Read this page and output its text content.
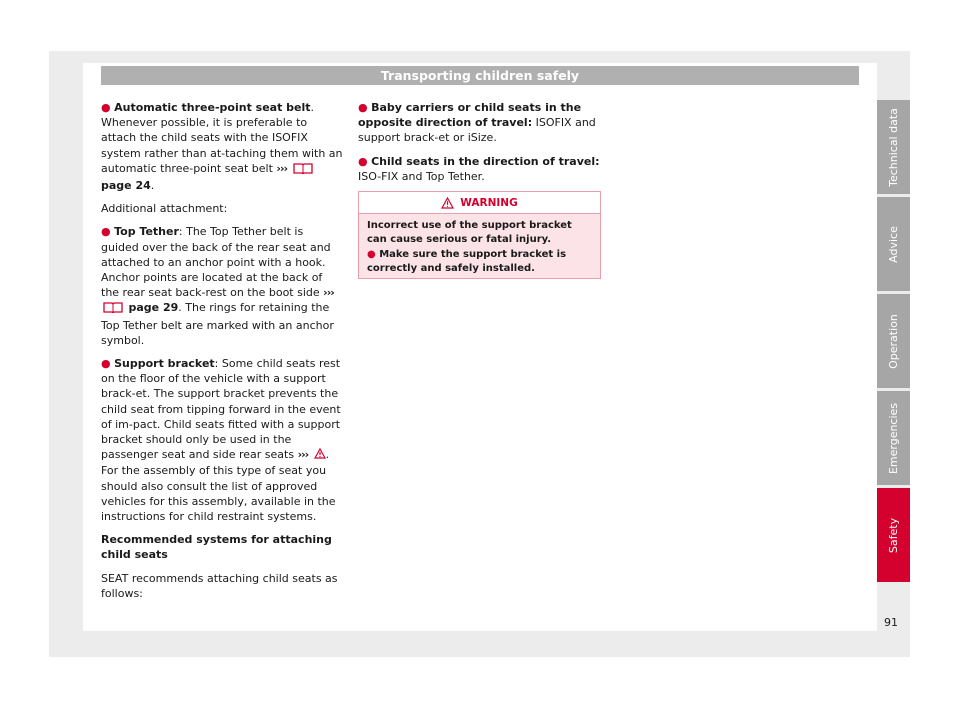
Transporting children safely

● Automatic three-point seat belt. Whenever possible, it is preferable to attach the child seats with the ISOFIX system rather than at-taching them with an automatic three-point seat belt ›››  page 24.

Additional attachment:

● Top Tether: The Top Tether belt is guided over the back of the rear seat and attached to an anchor point with a hook. Anchor points are located at the back of the rear seat back-rest on the boot side ›››  page 29. The rings for retaining the Top Tether belt are marked with an anchor symbol.

● Support bracket: Some child seats rest on the floor of the vehicle with a support brack-et. The support bracket prevents the child seat from tipping forward in the event of im-pact. Child seats fitted with a support bracket should only be used in the passenger seat and side rear seats ››› . For the assembly of this type of seat you should also consult the list of approved vehicles for this assembly, available in the instructions for child restraint systems.

Recommended systems for attaching child seats

SEAT recommends attaching child seats as follows:

● Baby carriers or child seats in the opposite direction of travel: ISOFIX and support brack-et or iSize.

● Child seats in the direction of travel: ISO-FIX and Top Tether.

WARNING

Incorrect use of the support bracket can cause serious or fatal injury.

● Make sure the support bracket is correctly and safely installed.

Technical data
Advice
Operation
Emergencies
Safety
91
